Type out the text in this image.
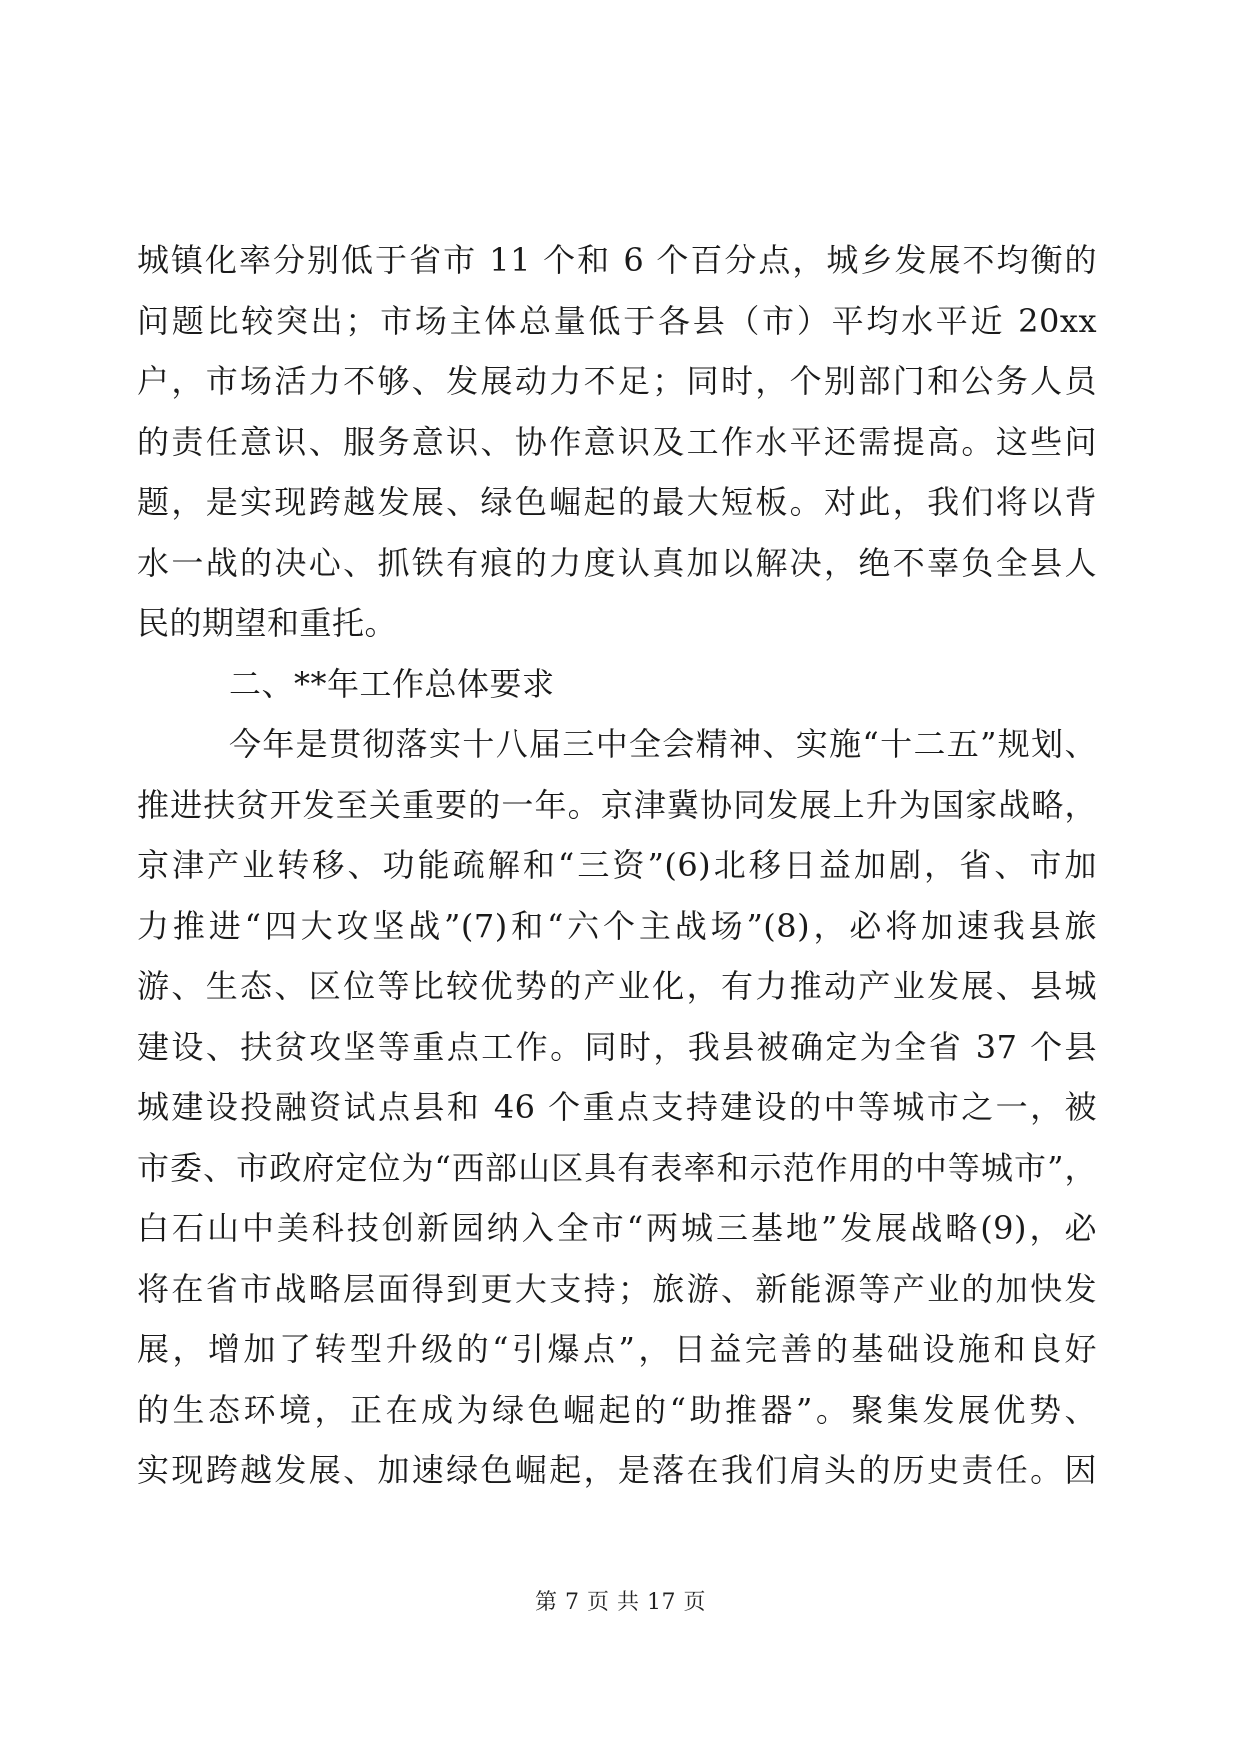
城镇化率分别低于省市 11 个和 6 个百分点，城乡发展不均衡的
问题比较突出；市场主体总量低于各县（市）平均水平近 20xx
户，市场活力不够、发展动力不足；同时，个别部门和公务人员
的责任意识、服务意识、协作意识及工作水平还需提高。这些问
题，是实现跨越发展、绿色崛起的最大短板。对此，我们将以背
水一战的决心、抓铁有痕的力度认真加以解决，绝不辜负全县人
民的期望和重托。
二、**年工作总体要求
今年是贯彻落实十八届三中全会精神、实施“十二五”规划、
推进扶贫开发至关重要的一年。京津冀协同发展上升为国家战略，
京津产业转移、功能疏解和“三资”(6)北移日益加剧，省、市加
力推进“四大攻坚战”(7)和“六个主战场”(8)，必将加速我县旅
游、生态、区位等比较优势的产业化，有力推动产业发展、县城
建设、扶贫攻坚等重点工作。同时，我县被确定为全省 37 个县
城建设投融资试点县和 46 个重点支持建设的中等城市之一，被
市委、市政府定位为“西部山区具有表率和示范作用的中等城市”，
白石山中美科技创新园纳入全市“两城三基地”发展战略(9)，必
将在省市战略层面得到更大支持；旅游、新能源等产业的加快发
展，增加了转型升级的“引爆点”，日益完善的基础设施和良好
的生态环境，正在成为绿色崛起的“助推器”。聚集发展优势、
实现跨越发展、加速绿色崛起，是落在我们肩头的历史责任。因
第 7 页 共 17 页
